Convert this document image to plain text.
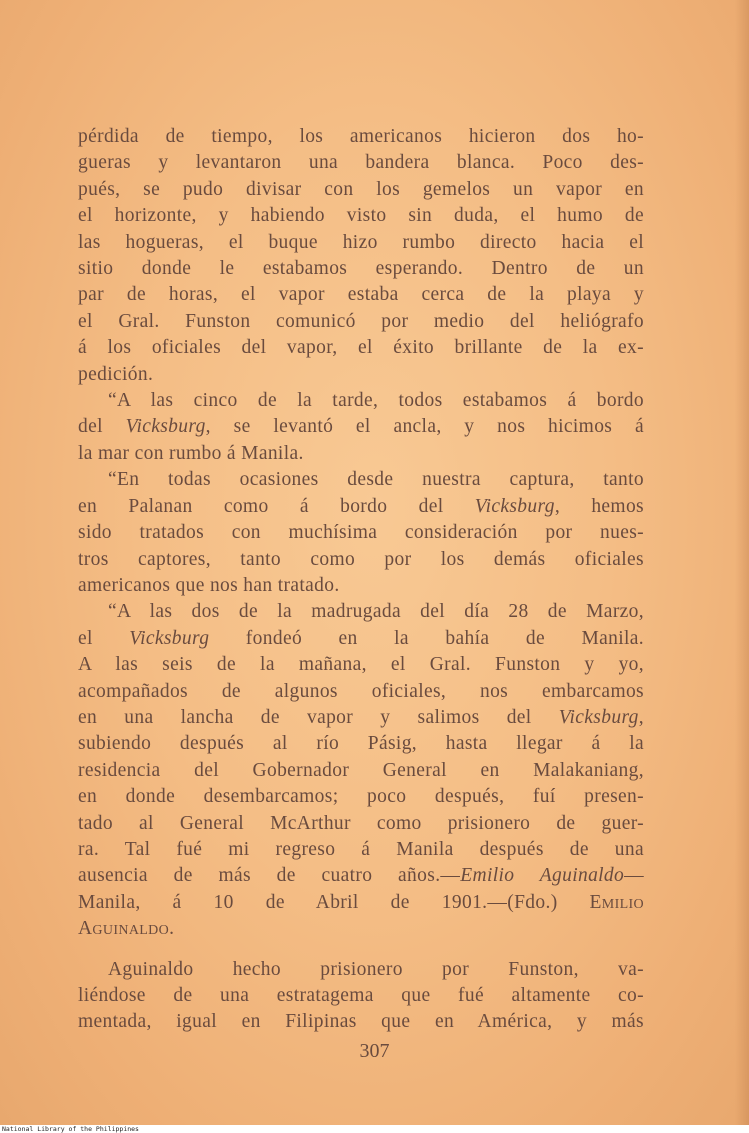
pérdida de tiempo, los americanos hicieron dos ho-
gueras y levantaron una bandera blanca. Poco des-
pués, se pudo divisar con los gemelos un vapor en
el horizonte, y habiendo visto sin duda, el humo de
las hogueras, el buque hizo rumbo directo hacia el
sitio donde le estabamos esperando. Dentro de un
par de horas, el vapor estaba cerca de la playa y
el Gral. Funston comunicó por medio del heliógrafo
á los oficiales del vapor, el éxito brillante de la ex-
pedición.

“A las cinco de la tarde, todos estabamos á bordo
del Vicksburg, se levantó el ancla, y nos hicimos á
la mar con rumbo á Manila.

“En todas ocasiones desde nuestra captura, tanto
en Palanan como á bordo del Vicksburg, hemos
sido tratados con muchísima consideración por nues-
tros captores, tanto como por los demás oficiales
americanos que nos han tratado.

“A las dos de la madrugada del día 28 de Marzo,
el Vicksburg fondeó en la bahía de Manila.
A las seis de la mañana, el Gral. Funston y yo,
acompañados de algunos oficiales, nos embarcamos
en una lancha de vapor y salimos del Vicksburg,
subiendo después al río Pásig, hasta llegar á la
residencia del Gobernador General en Malakaniang,
en donde desembarcamos; poco después, fuí presen-
tado al General McArthur como prisionero de guer-
ra. Tal fué mi regreso á Manila después de una
ausencia de más de cuatro años.—Emilio Aguinaldo—
Manila, á 10 de Abril de 1901.—(Fdo.) Emilio
Aguinaldo.

Aguinaldo hecho prisionero por Funston, va-
liéndose de una estratagema que fué altamente co-
mentada, igual en Filipinas que en América, y más

307
National Library of the Philippines
